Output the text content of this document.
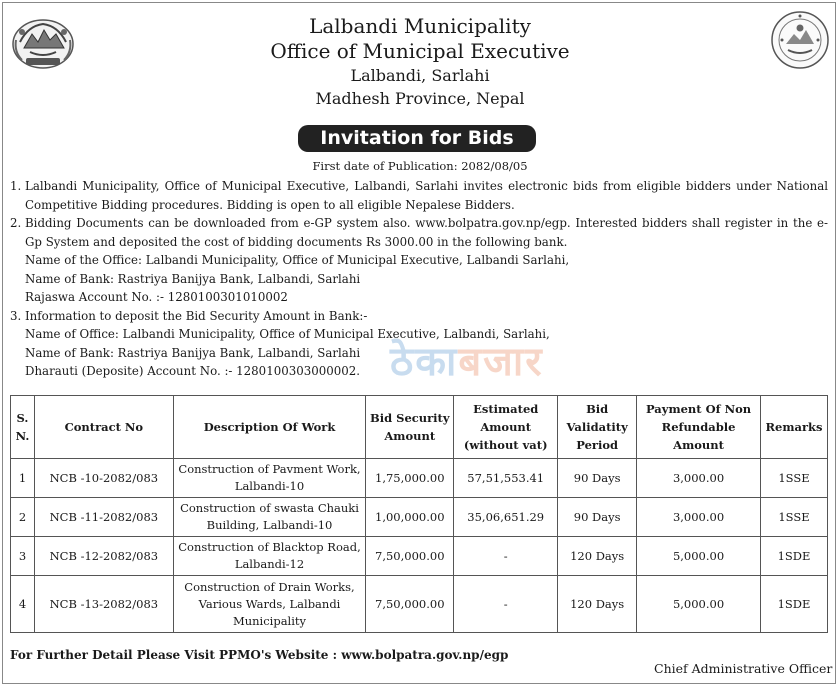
Lalbandi Municipality
Office of Municipal Executive
Lalbandi, Sarlahi
Madhesh Province, Nepal
Invitation for Bids
First date of Publication: 2082/08/05
ठेकाबजार
1. Lalbandi Municipality, Office of Municipal Executive, Lalbandi, Sarlahi invites electronic bids from eligible bidders under National Competitive Bidding procedures. Bidding is open to all eligible Nepalese Bidders.
2. Bidding Documents can be downloaded from e-GP system also. www.bolpatra.gov.np/egp. Interested bidders shall register in the e-Gp System and deposited the cost of bidding documents Rs 3000.00 in the following bank.
Name of the Office: Lalbandi Municipality, Office of Municipal Executive, Lalbandi Sarlahi,
Name of Bank: Rastriya Banijya Bank, Lalbandi, Sarlahi
Rajaswa Account No. :- 1280100301010002
3. Information to deposit the Bid Security Amount in Bank:-
Name of Office: Lalbandi Municipality, Office of Municipal Executive, Lalbandi, Sarlahi,
Name of Bank: Rastriya Banijya Bank, Lalbandi, Sarlahi
Dharauti (Deposite) Account No. :- 1280100303000002.
S. N.	Contract No	Description Of Work	Bid Security Amount	Estimated Amount (without vat)	Bid Validatity Period	Payment Of Non Refundable Amount	Remarks
1	NCB -10-2082/083	Construction of Pavment Work, Lalbandi-10	1,75,000.00	57,51,553.41	90 Days	3,000.00	1SSE
2	NCB -11-2082/083	Construction of swasta Chauki Building, Lalbandi-10	1,00,000.00	35,06,651.29	90 Days	3,000.00	1SSE
3	NCB -12-2082/083	Construction of Blacktop Road, Lalbandi-12	7,50,000.00	-	120 Days	5,000.00	1SDE
4	NCB -13-2082/083	Construction of Drain Works, Various Wards, Lalbandi Municipality	7,50,000.00	-	120 Days	5,000.00	1SDE
For Further Detail Please Visit PPMO's Website : www.bolpatra.gov.np/egp
Chief Administrative Officer
